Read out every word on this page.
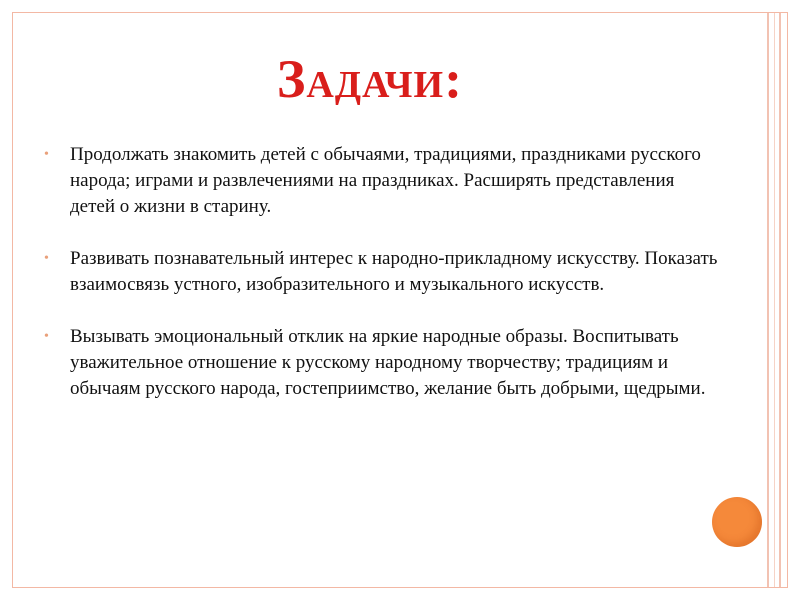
Задачи:
• Продолжать знакомить детей с обычаями, традициями, праздниками русского народа; играми и развлечениями на праздниках. Расширять представления детей о жизни в старину.
• Развивать познавательный интерес к народно-прикладному искусству. Показать взаимосвязь устного, изобразительного и музыкального искусств.
• Вызывать эмоциональный отклик на яркие народные образы. Воспитывать уважительное отношение к русскому народному творчеству; традициям и обычаям русского народа, гостеприимство, желание быть добрыми, щедрыми.
